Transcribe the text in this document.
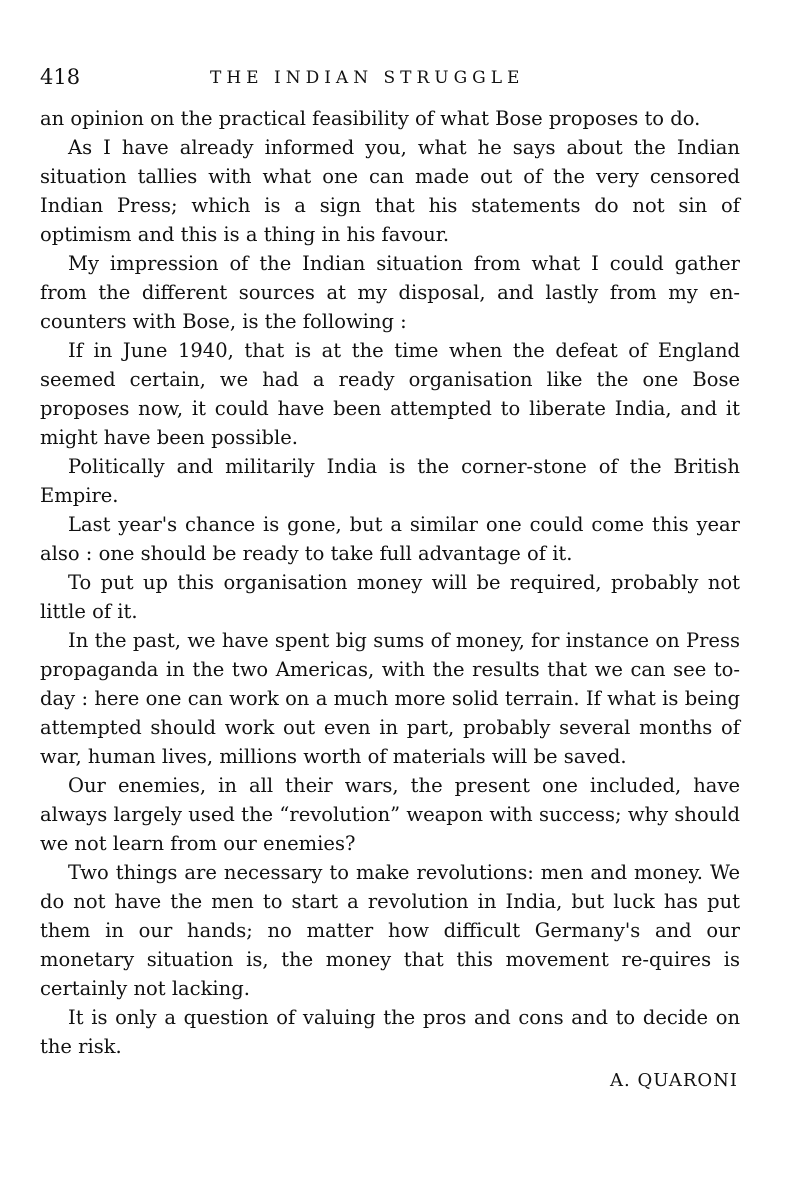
418	THE INDIAN STRUGGLE

an opinion on the practical feasibility of what Bose proposes to do.

As I have already informed you, what he says about the Indian situation tallies with what one can made out of the very censored Indian Press; which is a sign that his statements do not sin of optimism and this is a thing in his favour.

My impression of the Indian situation from what I could gather from the different sources at my disposal, and lastly from my en-counters with Bose, is the following :

If in June 1940, that is at the time when the defeat of England seemed certain, we had a ready organisation like the one Bose proposes now, it could have been attempted to liberate India, and it might have been possible.

Politically and militarily India is the corner-stone of the British Empire.

Last year's chance is gone, but a similar one could come this year also : one should be ready to take full advantage of it.

To put up this organisation money will be required, probably not little of it.

In the past, we have spent big sums of money, for instance on Press propaganda in the two Americas, with the results that we can see to-day : here one can work on a much more solid terrain. If what is being attempted should work out even in part, probably several months of war, human lives, millions worth of materials will be saved.

Our enemies, in all their wars, the present one included, have always largely used the “revolution” weapon with success; why should we not learn from our enemies?

Two things are necessary to make revolutions: men and money. We do not have the men to start a revolution in India, but luck has put them in our hands; no matter how difficult Germany's and our monetary situation is, the money that this movement re-quires is certainly not lacking.

It is only a question of valuing the pros and cons and to decide on the risk.

A. QUARONI
